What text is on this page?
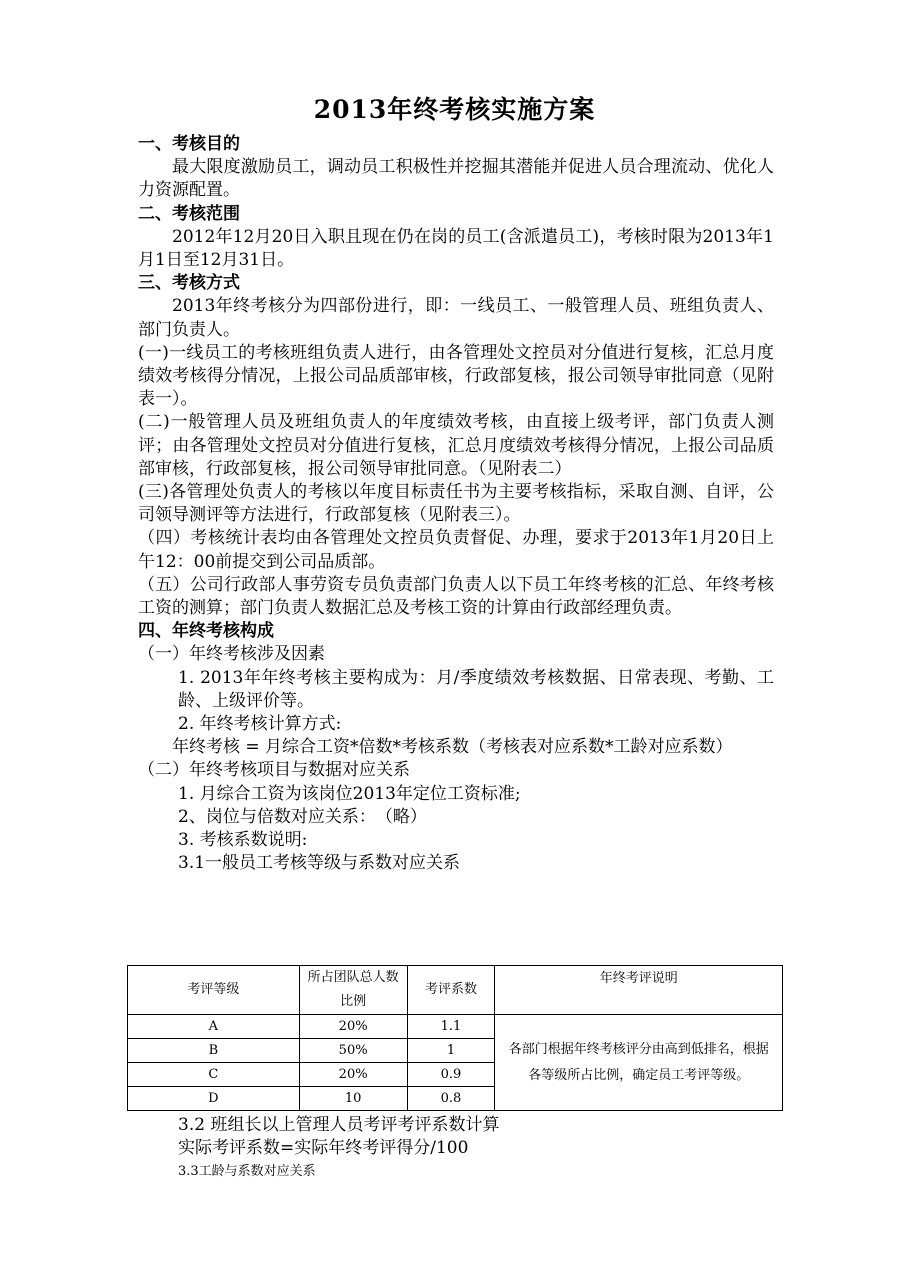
2013年终考核实施方案

一、考核目的

最大限度激励员工，调动员工积极性并挖掘其潜能并促进人员合理流动、优化人力资源配置。

二、考核范围

2012年12月20日入职且现在仍在岗的员工(含派遣员工)，考核时限为2013年1月1日至12月31日。

三、考核方式

2013年终考核分为四部份进行，即：一线员工、一般管理人员、班组负责人、部门负责人。

(一)一线员工的考核班组负责人进行，由各管理处文控员对分值进行复核，汇总月度绩效考核得分情况，上报公司品质部审核，行政部复核，报公司领导审批同意（见附表一）。

(二)一般管理人员及班组负责人的年度绩效考核，由直接上级考评，部门负责人测评；由各管理处文控员对分值进行复核，汇总月度绩效考核得分情况，上报公司品质部审核，行政部复核，报公司领导审批同意。（见附表二）

(三)各管理处负责人的考核以年度目标责任书为主要考核指标，采取自测、自评，公司领导测评等方法进行，行政部复核（见附表三）。

（四）考核统计表均由各管理处文控员负责督促、办理，要求于2013年1月20日上午12：00前提交到公司品质部。

（五）公司行政部人事劳资专员负责部门负责人以下员工年终考核的汇总、年终考核工资的测算；部门负责人数据汇总及考核工资的计算由行政部经理负责。

四、年终考核构成

（一）年终考核涉及因素

1. 2013年年终考核主要构成为：月/季度绩效考核数据、日常表现、考勤、工龄、上级评价等。

2. 年终考核计算方式:

年终考核 = 月综合工资*倍数*考核系数（考核表对应系数*工龄对应系数）

（二）年终考核项目与数据对应关系

1. 月综合工资为该岗位2013年定位工资标准;

2、岗位与倍数对应关系：　（略）

3. 考核系数说明:

3.1一般员工考核等级与系数对应关系

考评等级	所占团队总人数比例	考评系数	年终考评说明
A	20%	1.1	各部门根据年终考核评分由高到低排名，根据各等级所占比例，确定员工考评等级。
B	50%	1	
C	20%	0.9	
D	10	0.8	
3.2 班组长以上管理人员考评考评系数计算
实际考评系数=实际年终考评得分/100
3.3工龄与系数对应关系
